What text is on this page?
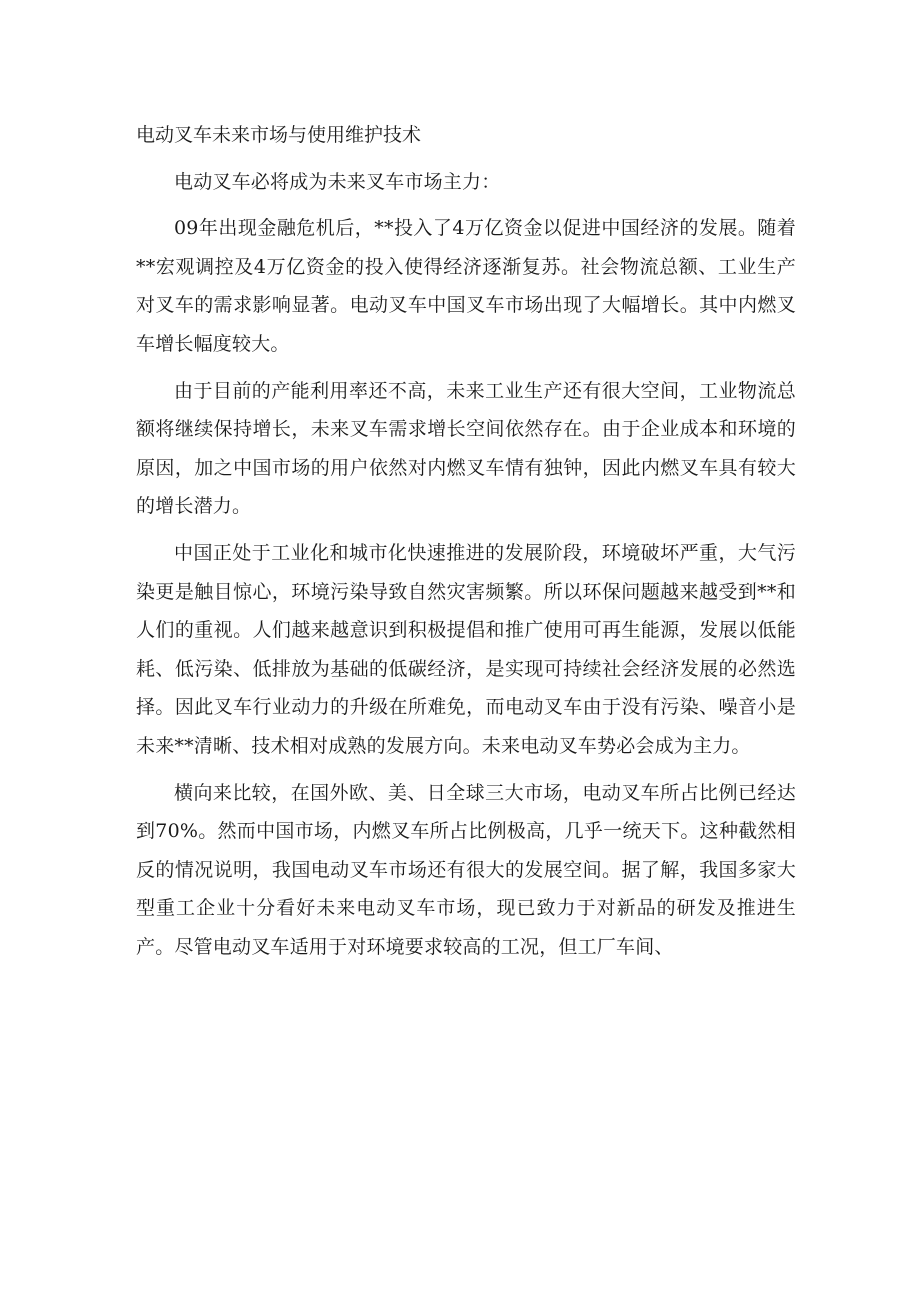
电动叉车未来市场与使用维护技术

电动叉车必将成为未来叉车市场主力：

09年出现金融危机后，**投入了4万亿资金以促进中国经济的发展。随着**宏观调控及4万亿资金的投入使得经济逐渐复苏。社会物流总额、工业生产对叉车的需求影响显著。电动叉车中国叉车市场出现了大幅增长。其中内燃叉车增长幅度较大。

由于目前的产能利用率还不高，未来工业生产还有很大空间，工业物流总额将继续保持增长，未来叉车需求增长空间依然存在。由于企业成本和环境的原因，加之中国市场的用户依然对内燃叉车情有独钟，因此内燃叉车具有较大的增长潜力。

中国正处于工业化和城市化快速推进的发展阶段，环境破坏严重，大气污染更是触目惊心，环境污染导致自然灾害频繁。所以环保问题越来越受到**和人们的重视。人们越来越意识到积极提倡和推广使用可再生能源，发展以低能耗、低污染、低排放为基础的低碳经济，是实现可持续社会经济发展的必然选择。因此叉车行业动力的升级在所难免，而电动叉车由于没有污染、噪音小是未来**清晰、技术相对成熟的发展方向。未来电动叉车势必会成为主力。

横向来比较，在国外欧、美、日全球三大市场，电动叉车所占比例已经达到70%。然而中国市场，内燃叉车所占比例极高，几乎一统天下。这种截然相反的情况说明，我国电动叉车市场还有很大的发展空间。据了解，我国多家大型重工企业十分看好未来电动叉车市场，现已致力于对新品的研发及推进生产。尽管电动叉车适用于对环境要求较高的工况，但工厂车间、
